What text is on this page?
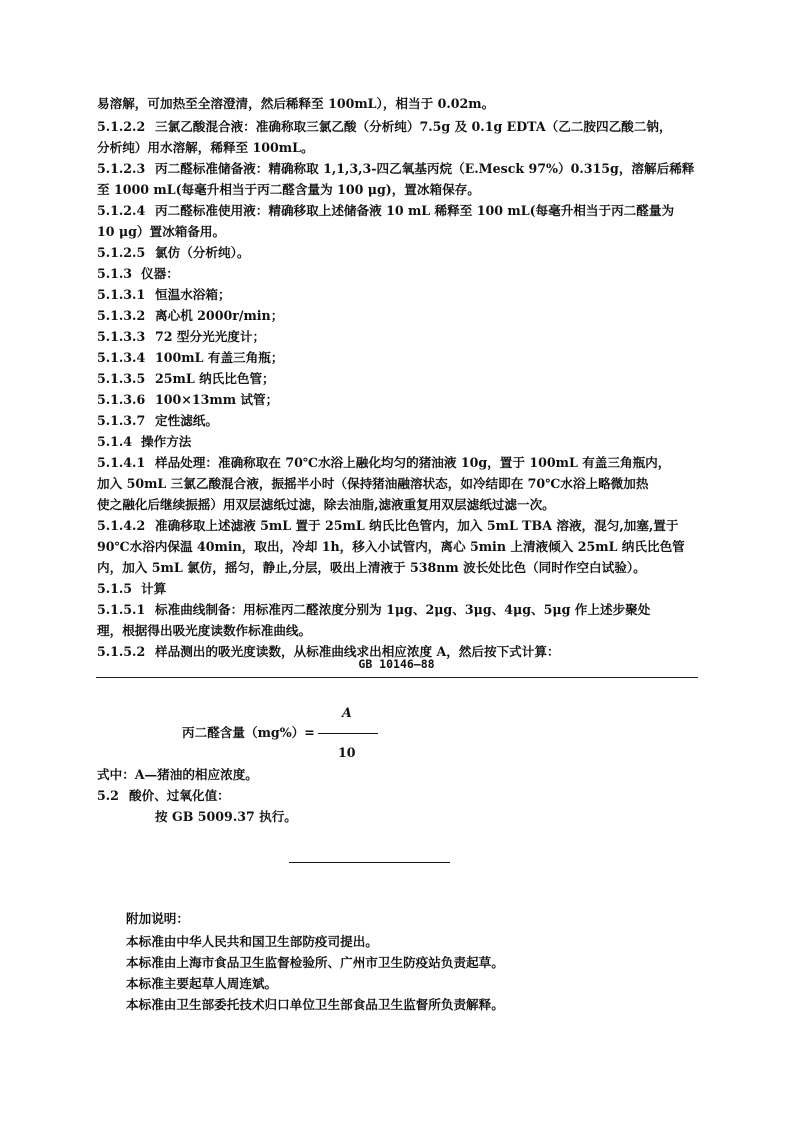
易溶解，可加热至全溶澄清，然后稀释至 100mL），相当于 0.02m。
5.1.2.2 三氯乙酸混合液：准确称取三氯乙酸（分析纯）7.5g 及 0.1g EDTA（乙二胺四乙酸二钠，
分析纯）用水溶解，稀释至 100mL。
5.1.2.3 丙二醛标准储备液：精确称取 1,1,3,3-四乙氧基丙烷（E.Mesck 97%）0.315g，溶解后稀释
至 1000 mL(每毫升相当于丙二醛含量为 100 μg)，置冰箱保存。
5.1.2.4 丙二醛标准使用液：精确移取上述储备液 10 mL 稀释至 100 mL(每毫升相当于丙二醛量为
10 μg）置冰箱备用。
5.1.2.5 氯仿（分析纯）。
5.1.3 仪器：
5.1.3.1 恒温水浴箱；
5.1.3.2 离心机 2000r/min；
5.1.3.3 72 型分光光度计；
5.1.3.4 100mL 有盖三角瓶；
5.1.3.5 25mL 纳氏比色管；
5.1.3.6 100×13mm 试管；
5.1.3.7 定性滤纸。
5.1.4 操作方法
5.1.4.1 样品处理：准确称取在 70℃水浴上融化均匀的猪油液 10g，置于 100mL 有盖三角瓶内，
加入 50mL 三氯乙酸混合液，振摇半小时（保持猪油融溶状态，如冷结即在 70℃水浴上略微加热
使之融化后继续振摇）用双层滤纸过滤，除去油脂,滤液重复用双层滤纸过滤一次。
5.1.4.2 准确移取上述滤液 5mL 置于 25mL 纳氏比色管内，加入 5mL TBA 溶液，混匀,加塞,置于
90℃水浴内保温 40min，取出，冷却 1h，移入小试管内，离心 5min 上清液倾入 25mL 纳氏比色管
内，加入 5mL 氯仿，摇匀，静止,分层，吸出上清液于 538nm 波长处比色（同时作空白试验）。
5.1.5 计算
5.1.5.1 标准曲线制备：用标准丙二醛浓度分别为 1μg、2μg、3μg、4μg、5μg 作上述步聚处
理，根据得出吸光度读数作标准曲线。
5.1.5.2 样品测出的吸光度读数，从标准曲线求出相应浓度 A，然后按下式计算：
GB 10146—88
丙二醛含量（mg%）=
A
10
式中：A—猪油的相应浓度。
5.2 酸价、过氧化值：
按 GB 5009.37 执行。
附加说明：
本标准由中华人民共和国卫生部防疫司提出。
本标准由上海市食品卫生监督检验所、广州市卫生防疫站负责起草。
本标准主要起草人周连斌。
本标准由卫生部委托技术归口单位卫生部食品卫生监督所负责解释。
